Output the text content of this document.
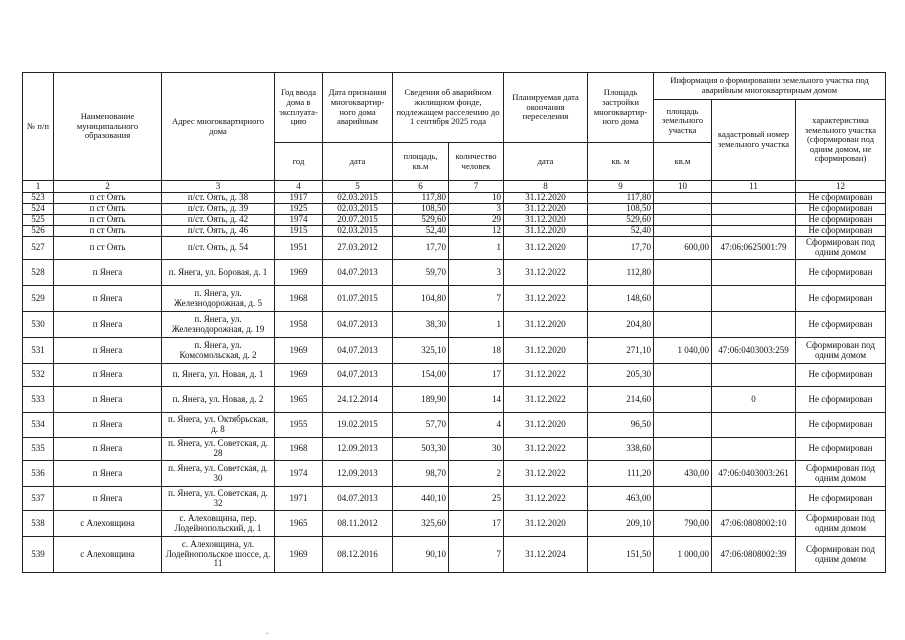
№ п/п	Наименование муниципального образования	Адрес многоквартирного дома	Год ввода дома в эксплуата- цию	Дата признания многоквартир- ного дома аварийным	Сведения об аварийном жилищном фонде, подлежащем расселению до 1 сентября 2025 года		Планируемая дата окончания переселения	Площадь застройки многоквартир- ного дома	Информация о формировании земельного участка под аварийным многоквартирным домом		
									площадь земельного участка	кадастровый номер земельного участка	характеристика земельного участка (сформирован под одним домом, не сформирован)
			год	дата	площадь, кв.м	количество человек	дата	кв. м	кв.м		
1	2	3	4	5	6	7	8	9	10	11	12
523	п ст Оять	п/ст. Оять, д. 38	1917	02.03.2015	117,80	10	31.12.2020	117,80			Не сформирован
524	п ст Оять	п/ст. Оять, д. 39	1925	02.03.2015	108,50	3	31.12.2020	108,50			Не сформирован
525	п ст Оять	п/ст. Оять, д. 42	1974	20.07.2015	529,60	29	31.12.2020	529,60			Не сформирован
526	п ст Оять	п/ст. Оять, д. 46	1915	02.03.2015	52,40	12	31.12.2020	52,40			Не сформирован
527	п ст Оять	п/ст. Оять, д. 54	1951	27.03.2012	17,70	1	31.12.2020	17,70	600,00	47:06:0625001:79	Сформирован под одним домом
528	п Янега	п. Янега, ул. Боровая, д. 1	1969	04.07.2013	59,70	3	31.12.2022	112,80			Не сформирован
529	п Янега	п. Янега, ул. Железнодорожная, д. 5	1968	01.07.2015	104,80	7	31.12.2022	148,60			Не сформирован
530	п Янега	п. Янега, ул. Железнодорожная, д. 19	1958	04.07.2013	38,30	1	31.12.2020	204,80			Не сформирован
531	п Янега	п. Янега, ул. Комсомольская, д. 2	1969	04.07.2013	325,10	18	31.12.2020	271,10	1 040,00	47:06:0403003:259	Сформирован под одним домом
532	п Янега	п. Янега, ул. Новая, д. 1	1969	04.07.2013	154,00	17	31.12.2022	205,30			Не сформирован
533	п Янега	п. Янега, ул. Новая, д. 2	1965	24.12.2014	189,90	14	31.12.2022	214,60		0	Не сформирован
534	п Янега	п. Янега, ул. Октябрьская, д. 8	1955	19.02.2015	57,70	4	31.12.2020	96,50			Не сформирован
535	п Янега	п. Янега, ул. Советская, д. 28	1968	12.09.2013	503,30	30	31.12.2022	338,60			Не сформирован
536	п Янега	п. Янега, ул. Советская, д. 30	1974	12.09.2013	98,70	2	31.12.2022	111,20	430,00	47:06:0403003:261	Сформирован под одним домом
537	п Янега	п. Янега, ул. Советская, д. 32	1971	04.07.2013	440,10	25	31.12.2022	463,00			Не сформирован
538	с Алеховщина	с. Алеховщина, пер. Лодейнопольский, д. 1	1965	08.11.2012	325,60	17	31.12.2020	209,10	790,00	47:06:0808002:10	Сформирован под одним домом
539	с Алеховщина	с. Алеховщина, ул. Лодейнопольское шоссе, д. 11	1969	08.12.2016	90,10	7	31.12.2024	151,50	1 000,00	47:06:0808002:39	Сформирован под одним домом
.
